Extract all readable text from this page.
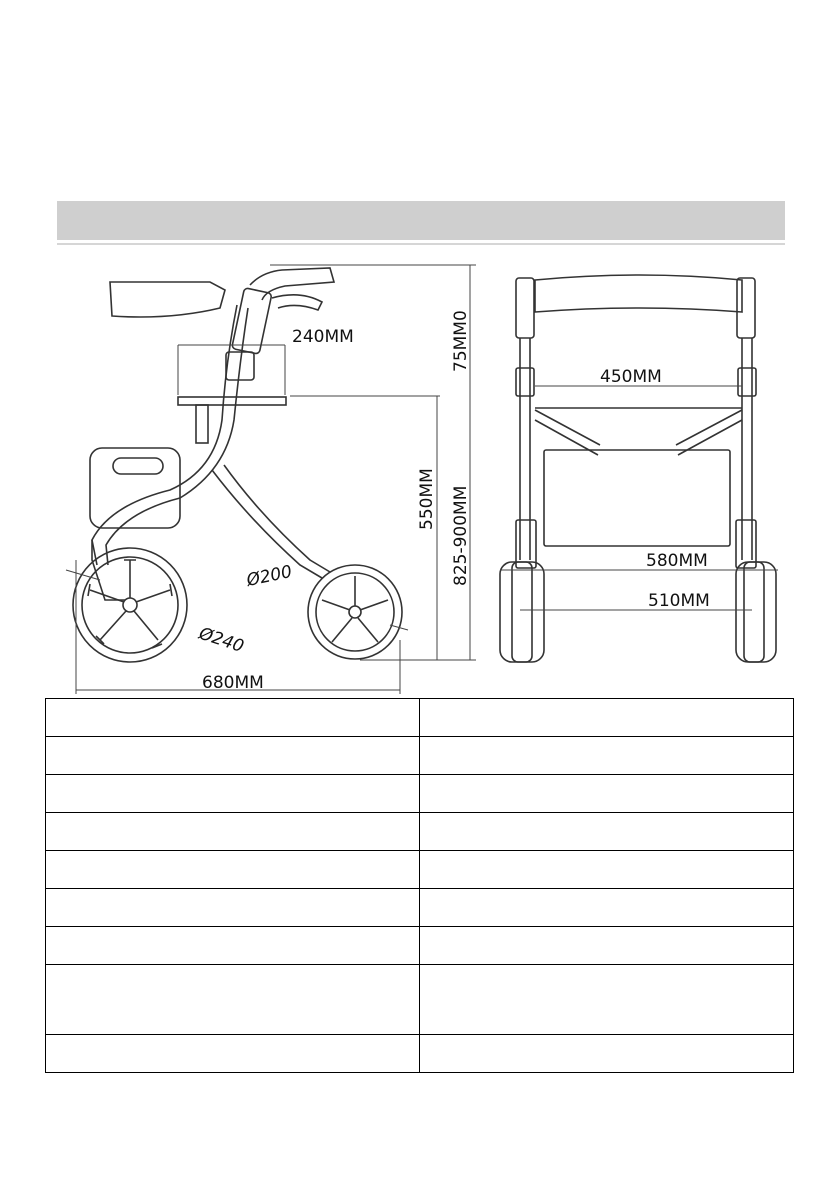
240MM	75MM0
550MM 825-900MM
Ø200
Ø240
680MM
450MM
580MM
510MM
